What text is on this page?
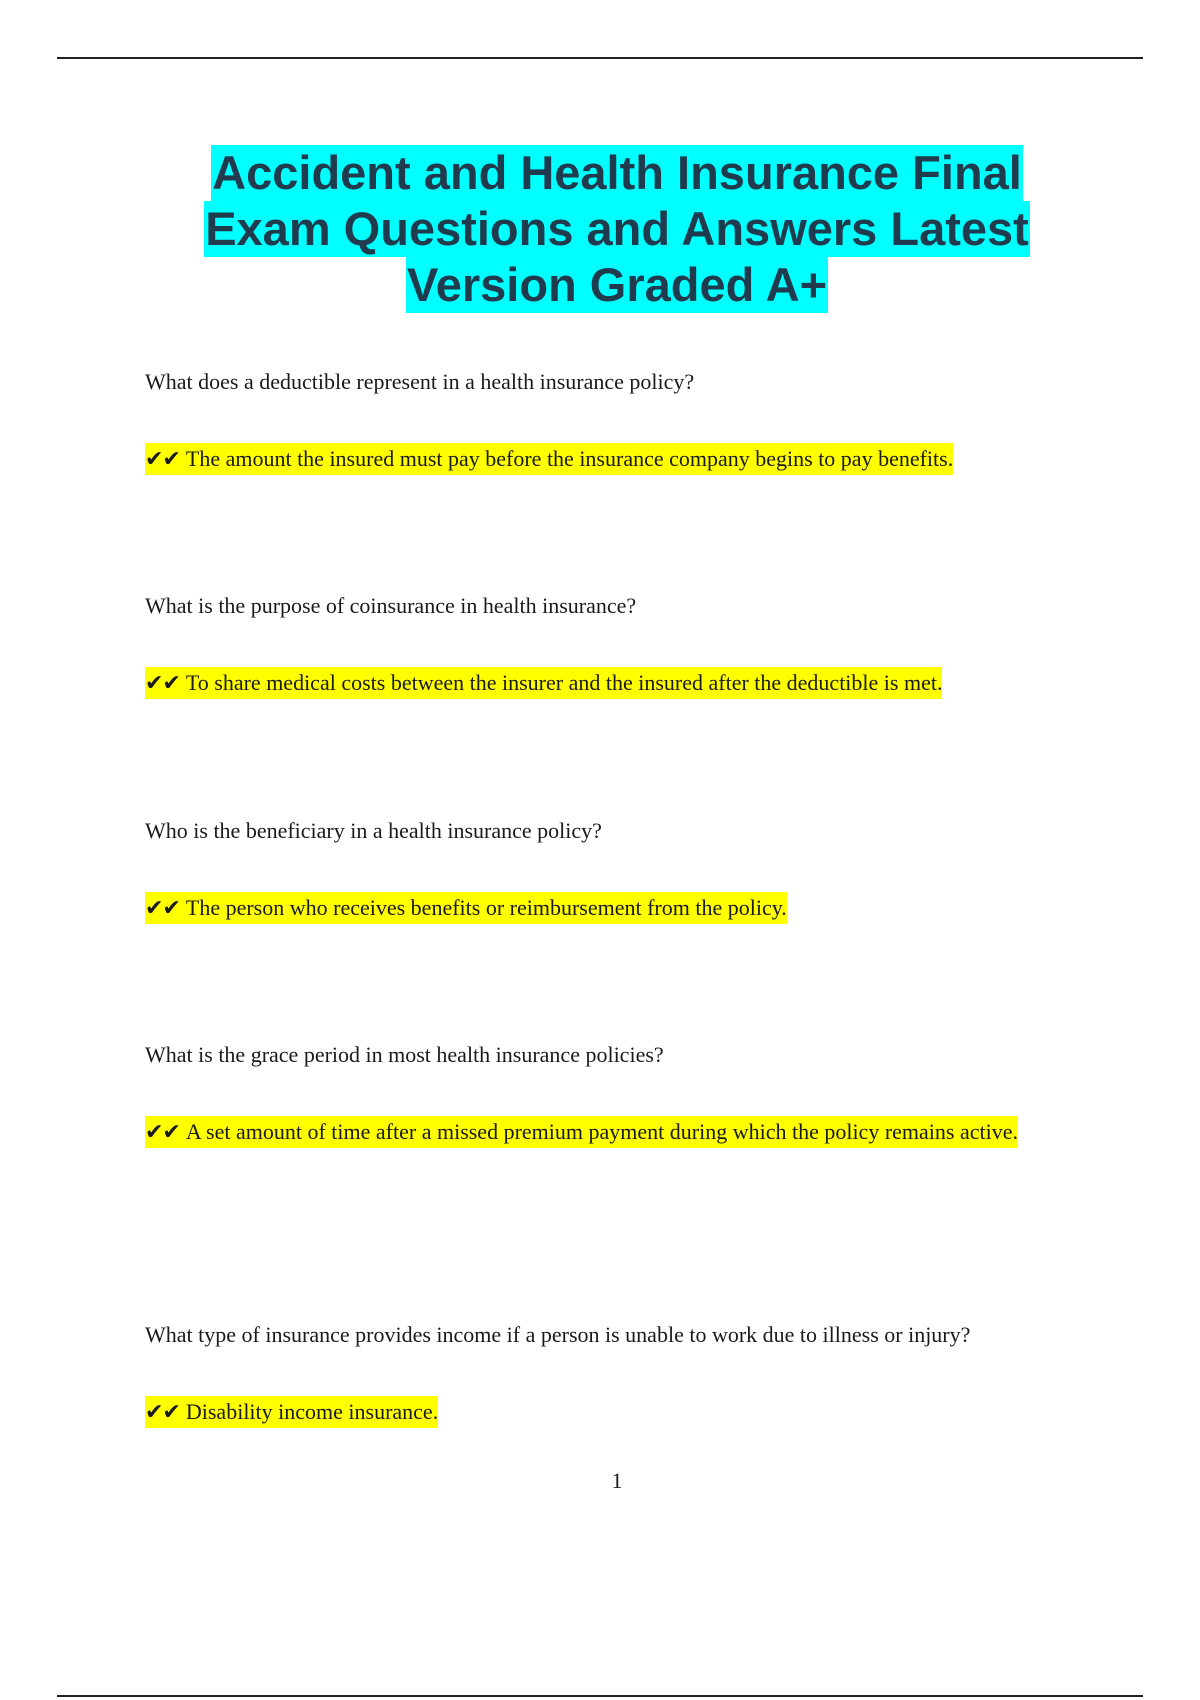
Accident and Health Insurance Final
Exam Questions and Answers Latest
Version Graded A+
What does a deductible represent in a health insurance policy?
✔✔ The amount the insured must pay before the insurance company begins to pay benefits.
What is the purpose of coinsurance in health insurance?
✔✔ To share medical costs between the insurer and the insured after the deductible is met.
Who is the beneficiary in a health insurance policy?
✔✔ The person who receives benefits or reimbursement from the policy.
What is the grace period in most health insurance policies?
✔✔ A set amount of time after a missed premium payment during which the policy remains active.
What type of insurance provides income if a person is unable to work due to illness or injury?
✔✔ Disability income insurance.
1
